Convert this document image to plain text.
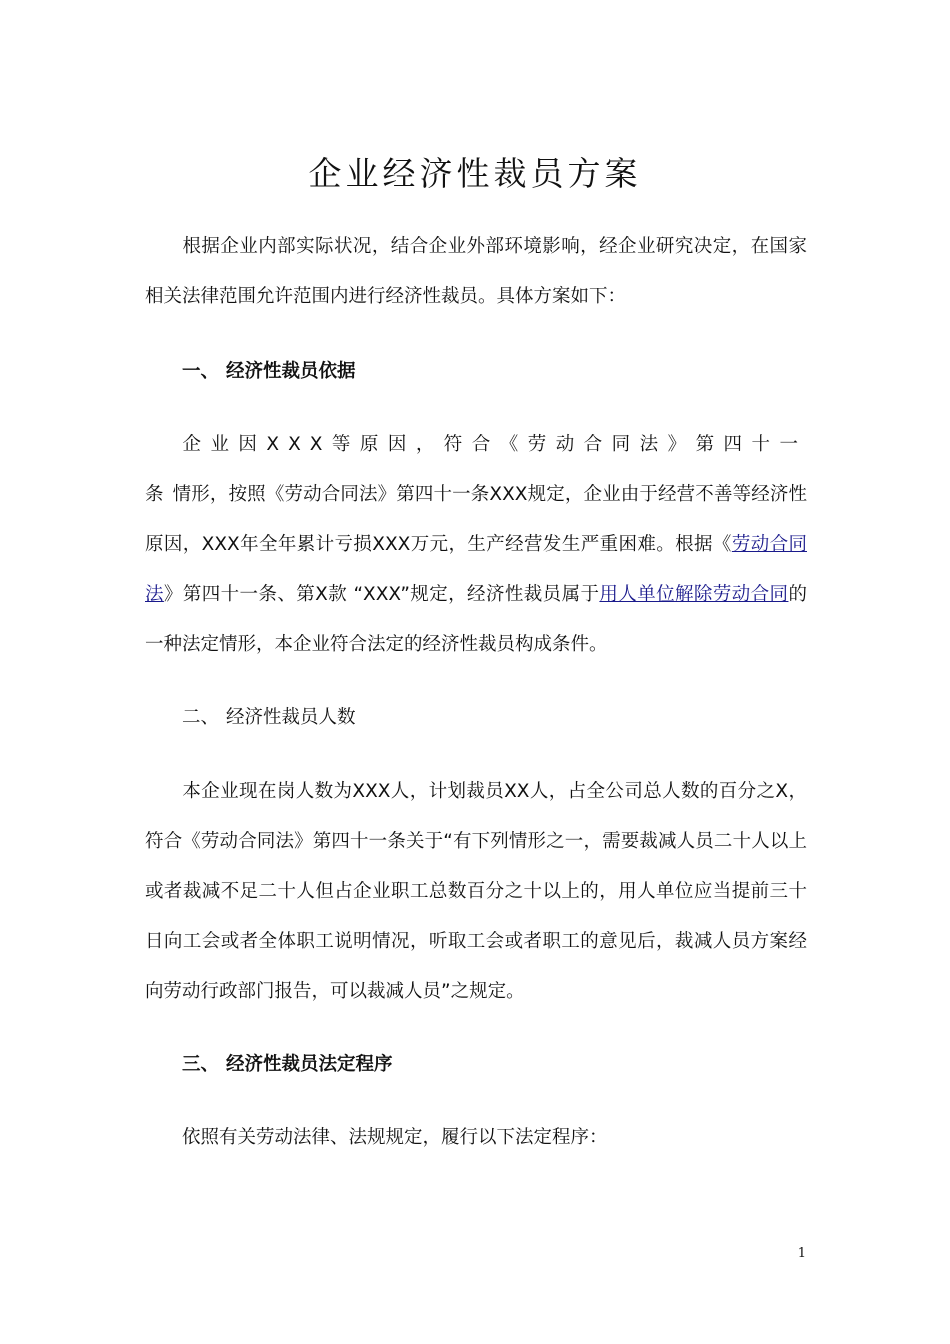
企业经济性裁员方案

根据企业内部实际状况，结合企业外部环境影响，经企业研究决定，在国家相关法律范围允许范围内进行经济性裁员。具体方案如下：

一、 经济性裁员依据

企业因XXX等原因，符合《劳动合同法》第四十一条情形，按照《劳动合同法》第四十一条XXX规定，企业由于经营不善等经济性原因，XXX年全年累计亏损XXX万元，生产经营发生严重困难。根据《劳动合同法》第四十一条、第X款 “XXX”规定，经济性裁员属于用人单位解除劳动合同的一种法定情形，本企业符合法定的经济性裁员构成条件。

二、 经济性裁员人数

本企业现在岗人数为XXX人，计划裁员XX人，占全公司总人数的百分之X，符合《劳动合同法》第四十一条关于“有下列情形之一，需要裁减人员二十人以上或者裁减不足二十人但占企业职工总数百分之十以上的，用人单位应当提前三十日向工会或者全体职工说明情况，听取工会或者职工的意见后，裁减人员方案经向劳动行政部门报告，可以裁减人员”之规定。

三、 经济性裁员法定程序

依照有关劳动法律、法规规定，履行以下法定程序：

1
